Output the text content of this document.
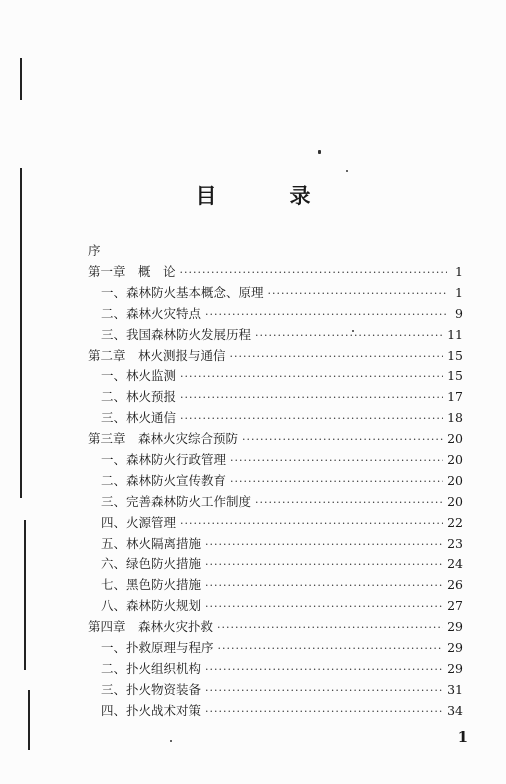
目　录
序
第一章　概　论 ·····	1
一、森林防火基本概念、原理 ·····	1
二、森林火灾特点 ·····	9
三、我国森林防火发展历程 ·····	11
第二章　林火测报与通信 ·····	15
一、林火监测 ·····	15
二、林火预报 ·····	17
三、林火通信 ·····	18
第三章　森林火灾综合预防 ·····	20
一、森林防火行政管理 ·····	20
二、森林防火宣传教育 ·····	20
三、完善森林防火工作制度 ·····	20
四、火源管理 ·····	22
五、林火隔离措施 ·····	23
六、绿色防火措施 ·····	24
七、黑色防火措施 ·····	26
八、森林防火规划 ·····	27
第四章　森林火灾扑救 ·····	29
一、扑救原理与程序 ·····	29
二、扑火组织机构 ·····	29
三、扑火物资装备 ·····	31
四、扑火战术对策 ·····	34
1
